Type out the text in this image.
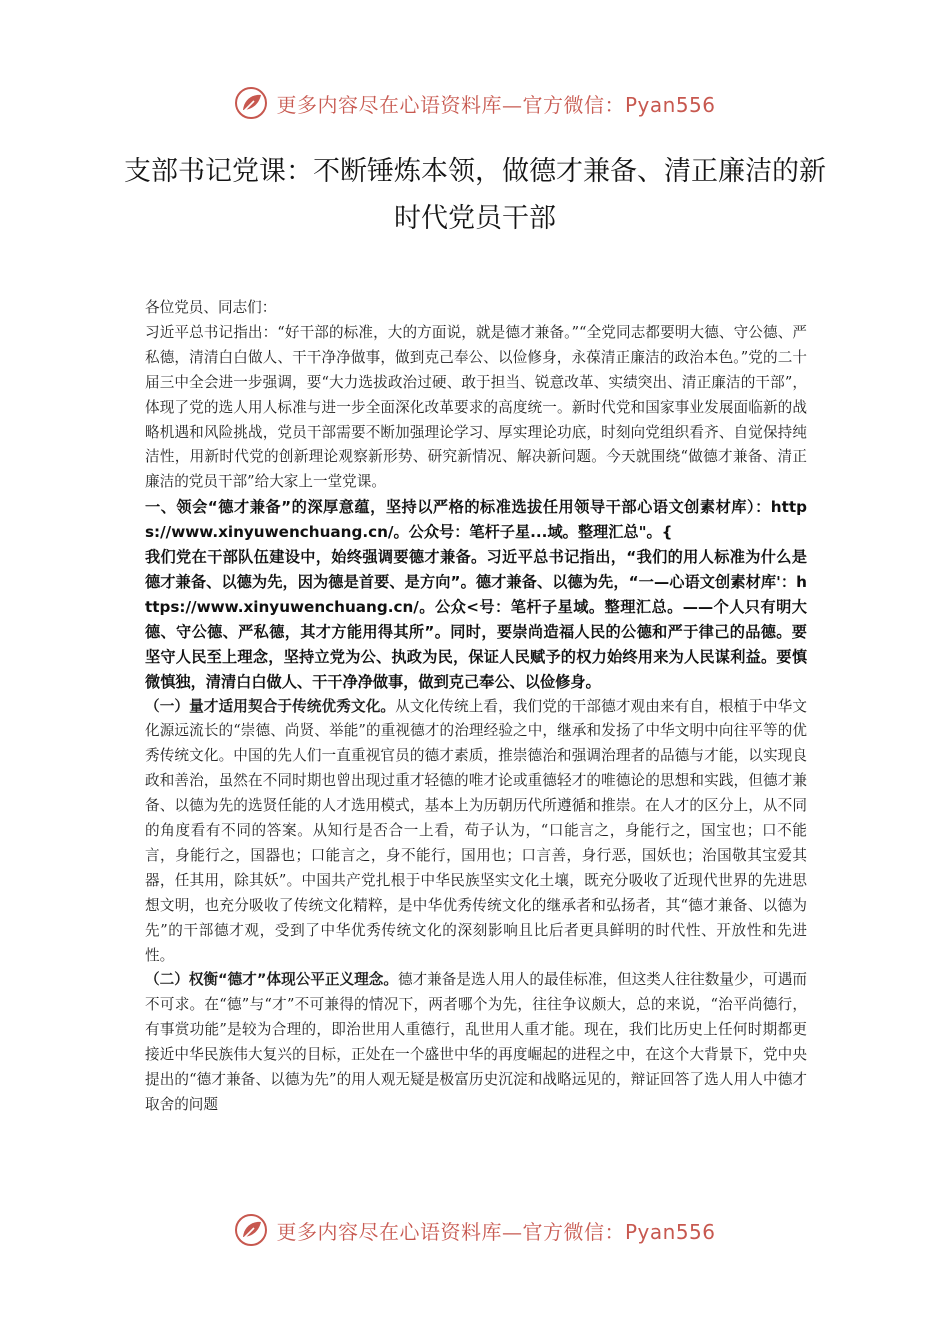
更多内容尽在心语资料库—官方微信：Pyan556
支部书记党课：不断锤炼本领，做德才兼备、清正廉洁的新时代党员干部

各位党员、同志们：

习近平总书记指出：“好干部的标准，大的方面说，就是德才兼备。”“全党同志都要明大德、守公德、严私德，清清白白做人、干干净净做事，做到克己奉公、以俭修身，永葆清正廉洁的政治本色。”党的二十届三中全会进一步强调，要“大力选拔政治过硬、敢于担当、锐意改革、实绩突出、清正廉洁的干部”，体现了党的选人用人标准与进一步全面深化改革要求的高度统一。新时代党和国家事业发展面临新的战略机遇和风险挑战，党员干部需要不断加强理论学习、厚实理论功底，时刻向党组织看齐、自觉保持纯洁性，用新时代党的创新理论观察新形势、研究新情况、解决新问题。今天就围绕“做德才兼备、清正廉洁的党员干部”给大家上一堂党课。

一、领会“德才兼备”的深厚意蕴，坚持以严格的标准选拔任用领导干部心语文创素材库）：https://www.xinyuwenchuang.cn/。公众号：笔杆子星...域。整理汇总"。{

我们党在干部队伍建设中，始终强调要德才兼备。习近平总书记指出，“我们的用人标准为什么是德才兼备、以德为先，因为德是首要、是方向”。德才兼备、以德为先，“一—心语文创素材库'：https://www.xinyuwenchuang.cn/。公众<号：笔杆子星域。整理汇总。——个人只有明大德、守公德、严私德，其才方能用得其所”。同时，要崇尚造福人民的公德和严于律己的品德。要坚守人民至上理念，坚持立党为公、执政为民，保证人民赋予的权力始终用来为人民谋利益。要慎微慎独，清清白白做人、干干净净做事，做到克己奉公、以俭修身。

（一）量才适用契合于传统优秀文化。从文化传统上看，我们党的干部德才观由来有自，根植于中华文化源远流长的“崇德、尚贤、举能”的重视德才的治理经验之中，继承和发扬了中华文明中向往平等的优秀传统文化。中国的先人们一直重视官员的德才素质，推崇德治和强调治理者的品德与才能，以实现良政和善治，虽然在不同时期也曾出现过重才轻德的唯才论或重德轻才的唯德论的思想和实践，但德才兼备、以德为先的选贤任能的人才选用模式，基本上为历朝历代所遵循和推崇。在人才的区分上，从不同的角度看有不同的答案。从知行是否合一上看，荀子认为，“口能言之，身能行之，国宝也；口不能言，身能行之，国器也；口能言之，身不能行，国用也；口言善，身行恶，国妖也；治国敬其宝爱其器，任其用，除其妖”。中国共产党扎根于中华民族坚实文化土壤，既充分吸收了近现代世界的先进思想文明，也充分吸收了传统文化精粹，是中华优秀传统文化的继承者和弘扬者，其“德才兼备、以德为先”的干部德才观，受到了中华优秀传统文化的深刻影响且比后者更具鲜明的时代性、开放性和先进性。

（二）权衡“德才”体现公平正义理念。德才兼备是选人用人的最佳标准，但这类人往往数量少，可遇而不可求。在“德”与“才”不可兼得的情况下，两者哪个为先，往往争议颇大，总的来说，“治平尚德行，有事赏功能”是较为合理的，即治世用人重德行，乱世用人重才能。现在，我们比历史上任何时期都更接近中华民族伟大复兴的目标，正处在一个盛世中华的再度崛起的进程之中，在这个大背景下，党中央提出的“德才兼备、以德为先”的用人观无疑是极富历史沉淀和战略远见的，辩证回答了选人用人中德才取舍的问题

更多内容尽在心语资料库—官方微信：Pyan556
